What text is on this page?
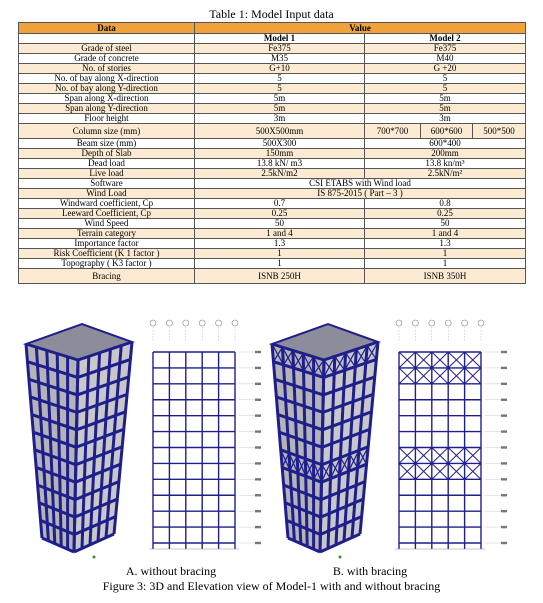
Table 1: Model Input data
Data	Value			
	Model 1	Model 2		
Grade of steel	Fe375	Fe375		
Grade of concrete	M35	M40		
No. of stories	G+10	G +20		
No. of bay along X-direction	5	5		
No. of bay along Y-direction	5	5		
Span along X-direction	5m	5m		
Span along Y-direction	5m	5m		
Floor height	3m	3m		
Column size (mm)	500X500mm	700*700	600*600	500*500
Beam size (mm)	500X300	600*400		
Depth of Slab	150mm	200mm		
Dead load	13.8 kN/ m3	13.8 kn/m³		
Live load	2.5kN/m2	2.5kN/m²		
Software	CSI ETABS with Wind load			
Wind Load	IS 875-2015 ( Part – 3 )			
Windward coefficient, Cp	0.7	0.8		
Leeward Coefficient, Cp	0.25	0.25		
Wind Speed	50	50		
Terrain category	1 and 4	1 and 4		
Importance factor	1.3	1.3		
Risk Coefficient (K 1 factor )	1	1		
Topography ( K3 factor )	1	1		
Bracing	ISNB 250H	ISNB 350H		
A. without bracing	B. with bracing
Figure 3: 3D and Elevation view of Model-1 with and without bracing
